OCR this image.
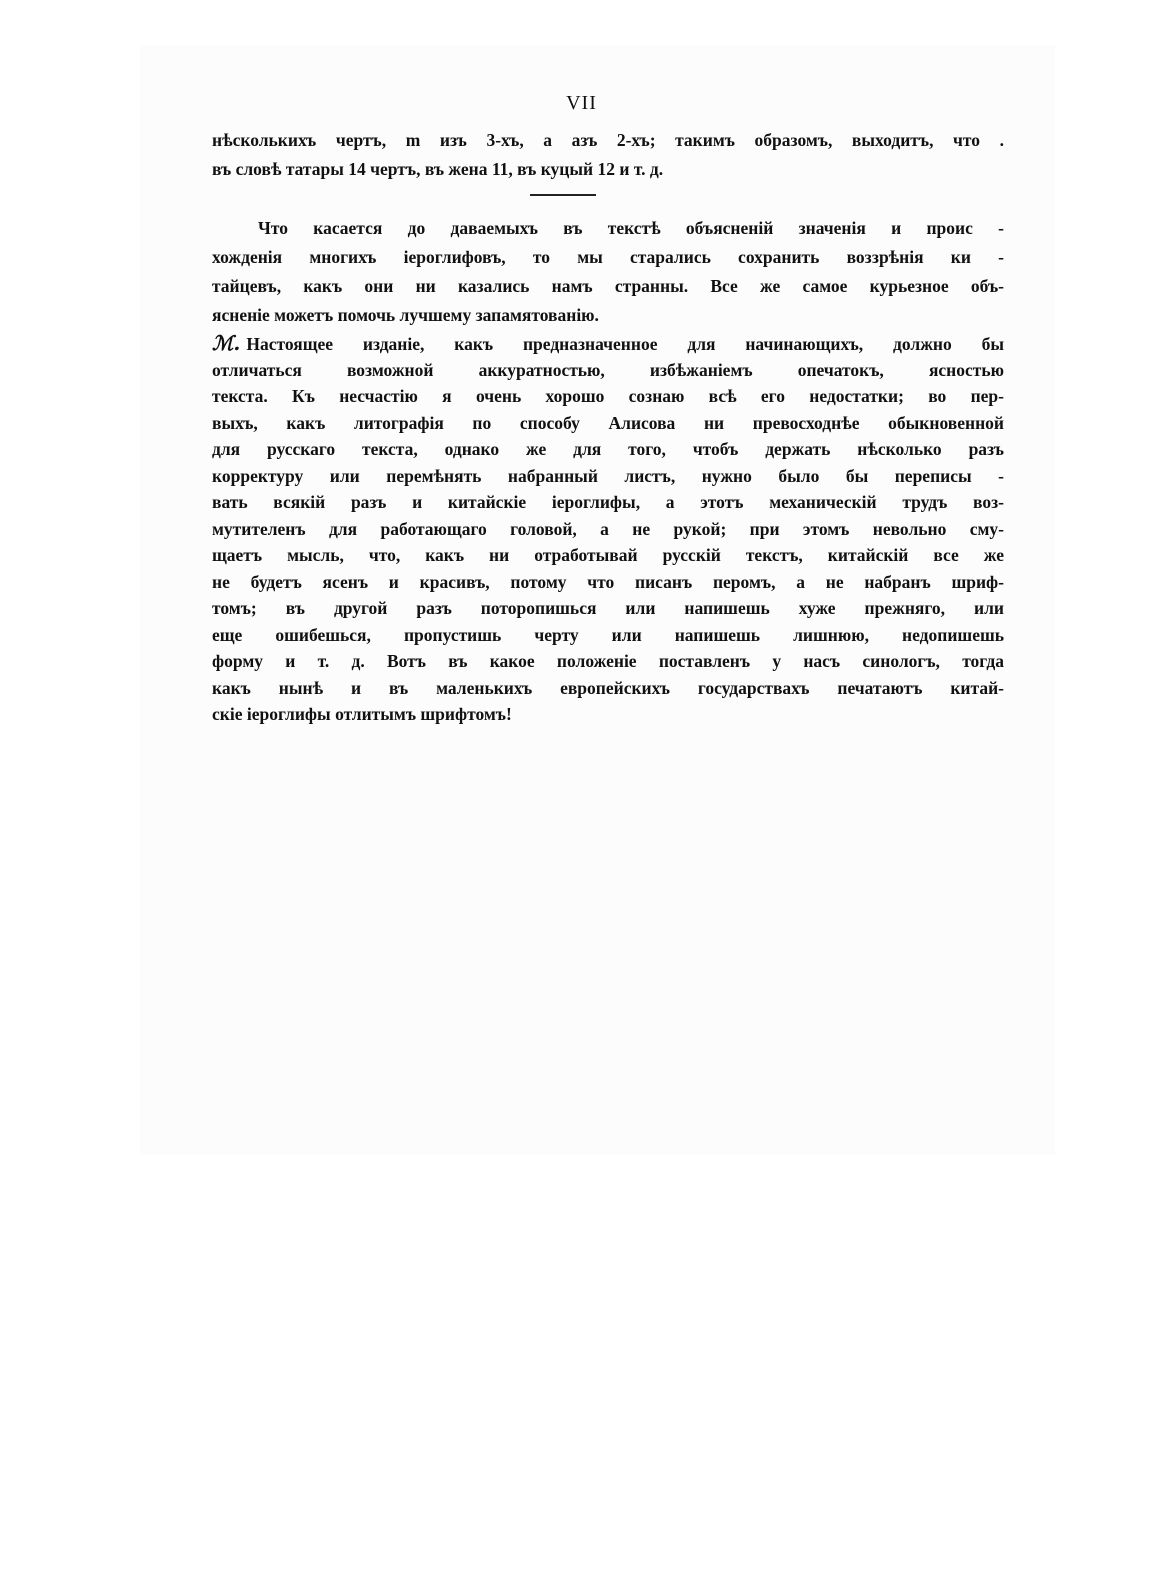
VII
нѣсколькихъ чертъ, m изъ 3-хъ, a азъ 2-хъ; такимъ образомъ, выходитъ, что .
въ словѣ татары 14 чертъ, въ жена 11, въ куцый 12 и т. д.
Что касается до даваемыхъ въ текстѣ объясненій значенія и проис -
хожденія многихъ іероглифовъ, то мы старались сохранить воззрѣнія ки -
тайцевъ, какъ они ни казались намъ странны. Все же самое курьезное объ-
ясненіе можетъ помочь лучшему запамятованію.
ℳ. Настоящее изданіе, какъ предназначенное для начинающихъ, должно бы
отличаться возможной аккуратностью, избѣжаніемъ опечатокъ, ясностью
текста. Къ несчастію я очень хорошо сознаю всѣ его недостатки; во пер-
выхъ, какъ литографія по способу Алисова ни превосходнѣе обыкновенной
для русскаго текста, однако же для того, чтобъ держать нѣсколько разъ
корректуру или перемѣнять набранный листъ, нужно было бы переписы -
вать всякій разъ и китайскіе іероглифы, а этотъ механическій трудъ воз-
мутителенъ для работающаго головой, а не рукой; при этомъ невольно сму-
щаетъ мысль, что, какъ ни отработывай русскій текстъ, китайскій все же
не будетъ ясенъ и красивъ, потому что писанъ перомъ, а не набранъ шриф-
томъ; въ другой разъ поторопишься или напишешь хуже прежняго, или
еще ошибешься, пропустишь черту или напишешь лишнюю, недопишешь
форму и т. д. Вотъ въ какое положеніе поставленъ у насъ синологъ, тогда
какъ нынѣ и въ маленькихъ европейскихъ государствахъ печатаютъ китай-
скіе іероглифы отлитымъ шрифтомъ!
